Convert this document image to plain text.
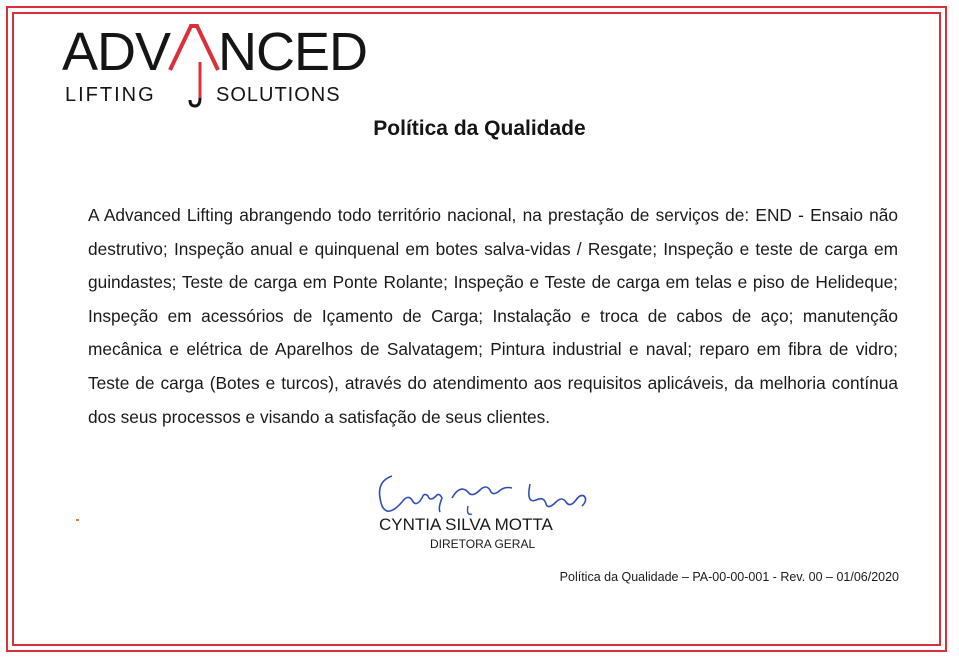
ADV NCED
LIFTING	SOLUTIONS
Política da Qualidade
A Advanced Lifting abrangendo todo território nacional, na prestação de serviços de: END - Ensaio não destrutivo; Inspeção anual e quinquenal em botes salva-vidas / Resgate; Inspeção e teste de carga em guindastes; Teste de carga em Ponte Rolante; Inspeção e Teste de carga em telas e piso de Helideque; Inspeção em acessórios de Içamento de Carga; Instalação e troca de cabos de aço; manutenção mecânica e elétrica de Aparelhos de Salvatagem; Pintura industrial e naval; reparo em fibra de vidro; Teste de carga (Botes e turcos), através do atendimento aos requisitos aplicáveis, da melhoria contínua dos seus processos e visando a satisfação de seus clientes.
CYNTIA SILVA MOTTA
DIRETORA GERAL
Política da Qualidade – PA-00-00-001 - Rev. 00 – 01/06/2020
